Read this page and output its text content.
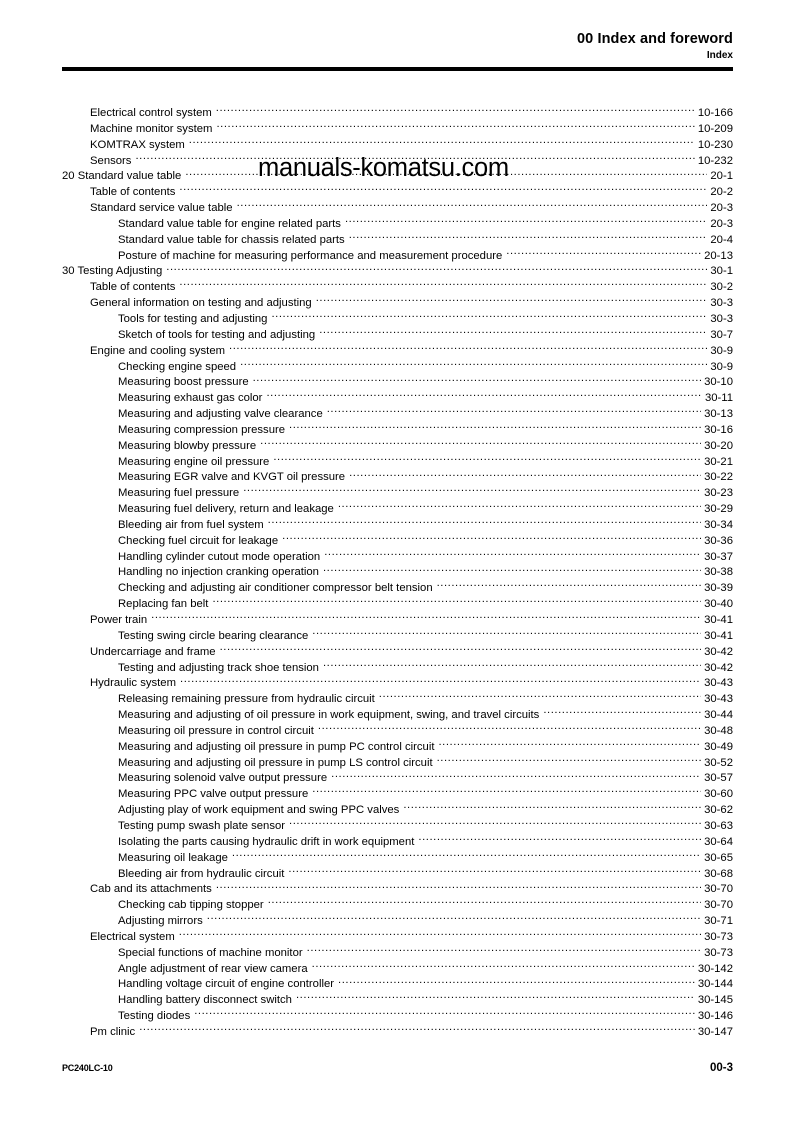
00 Index and foreword
Index
Electrical control system .....	10-166
Machine monitor system .....	10-209
KOMTRAX system .....	10-230
Sensors .....	10-232
20 Standard value table .....	20-1
Table of contents .....	20-2
Standard service value table .....	20-3
Standard value table for engine related parts .....	20-3
Standard value table for chassis related parts .....	20-4
Posture of machine for measuring performance and measurement procedure .....	20-13
30 Testing Adjusting .....	30-1
Table of contents .....	30-2
General information on testing and adjusting .....	30-3
Tools for testing and adjusting .....	30-3
Sketch of tools for testing and adjusting .....	30-7
Engine and cooling system .....	30-9
Checking engine speed .....	30-9
Measuring boost pressure .....	30-10
Measuring exhaust gas color .....	30-11
Measuring and adjusting valve clearance .....	30-13
Measuring compression pressure .....	30-16
Measuring blowby pressure .....	30-20
Measuring engine oil pressure .....	30-21
Measuring EGR valve and KVGT oil pressure .....	30-22
Measuring fuel pressure .....	30-23
Measuring fuel delivery, return and leakage .....	30-29
Bleeding air from fuel system .....	30-34
Checking fuel circuit for leakage .....	30-36
Handling cylinder cutout mode operation .....	30-37
Handling no injection cranking operation .....	30-38
Checking and adjusting air conditioner compressor belt tension .....	30-39
Replacing fan belt .....	30-40
Power train .....	30-41
Testing swing circle bearing clearance .....	30-41
Undercarriage and frame .....	30-42
Testing and adjusting track shoe tension .....	30-42
Hydraulic system .....	30-43
Releasing remaining pressure from hydraulic circuit .....	30-43
Measuring and adjusting of oil pressure in work equipment, swing, and travel circuits .....	30-44
Measuring oil pressure in control circuit .....	30-48
Measuring and adjusting oil pressure in pump PC control circuit .....	30-49
Measuring and adjusting oil pressure in pump LS control circuit .....	30-52
Measuring solenoid valve output pressure .....	30-57
Measuring PPC valve output pressure .....	30-60
Adjusting play of work equipment and swing PPC valves .....	30-62
Testing pump swash plate sensor .....	30-63
Isolating the parts causing hydraulic drift in work equipment .....	30-64
Measuring oil leakage .....	30-65
Bleeding air from hydraulic circuit .....	30-68
Cab and its attachments .....	30-70
Checking cab tipping stopper .....	30-70
Adjusting mirrors .....	30-71
Electrical system .....	30-73
Special functions of machine monitor .....	30-73
Angle adjustment of rear view camera .....	30-142
Handling voltage circuit of engine controller .....	30-144
Handling battery disconnect switch .....	30-145
Testing diodes .....	30-146
Pm clinic .....	30-147
manuals-komatsu.com
PC240LC-10	00-3
